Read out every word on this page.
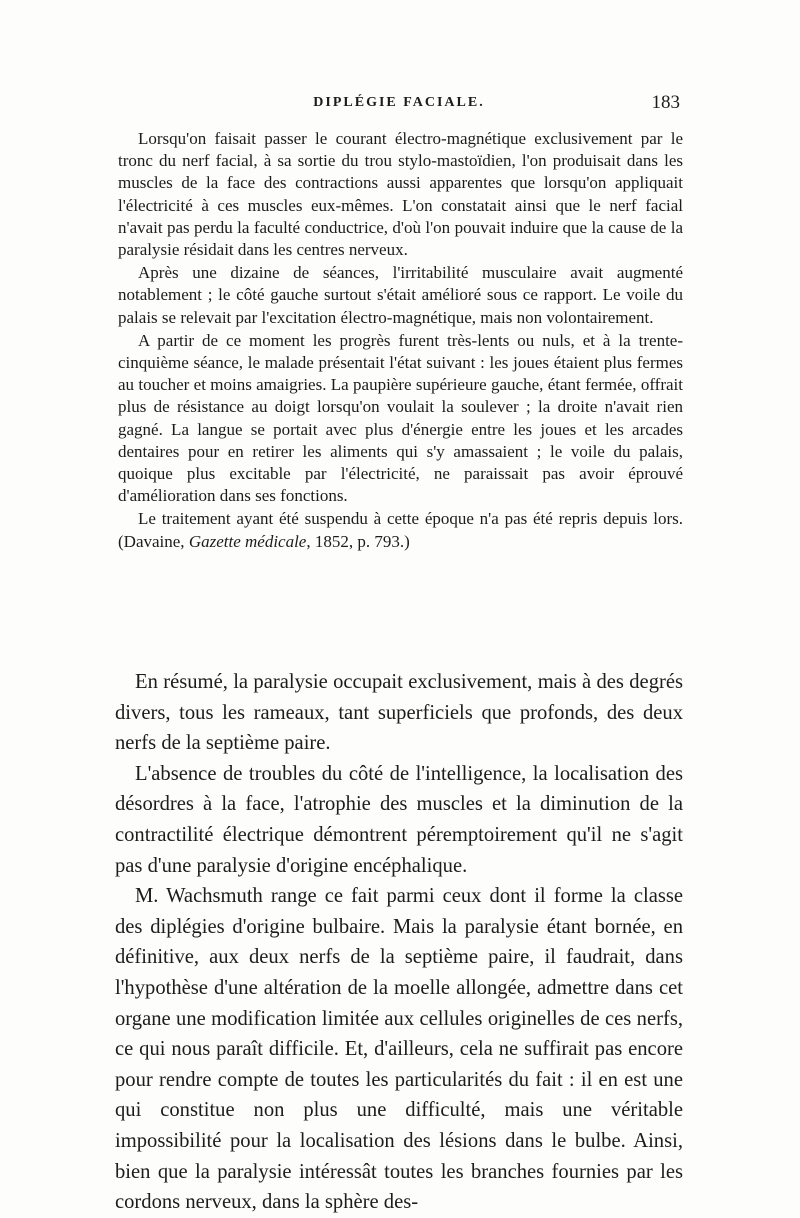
DIPLÉGIE FACIALE.	183

Lorsqu'on faisait passer le courant électro-magnétique exclusivement par le tronc du nerf facial, à sa sortie du trou stylo-mastoïdien, l'on produisait dans les muscles de la face des contractions aussi apparentes que lorsqu'on appliquait l'électricité à ces muscles eux-mêmes. L'on constatait ainsi que le nerf facial n'avait pas perdu la faculté conductrice, d'où l'on pouvait induire que la cause de la paralysie résidait dans les centres nerveux.

Après une dizaine de séances, l'irritabilité musculaire avait augmenté notablement ; le côté gauche surtout s'était amélioré sous ce rapport. Le voile du palais se relevait par l'excitation électro-magnétique, mais non volontairement.

A partir de ce moment les progrès furent très-lents ou nuls, et à la trente-cinquième séance, le malade présentait l'état suivant : les joues étaient plus fermes au toucher et moins amaigries. La paupière supérieure gauche, étant fermée, offrait plus de résistance au doigt lorsqu'on voulait la soulever ; la droite n'avait rien gagné. La langue se portait avec plus d'énergie entre les joues et les arcades dentaires pour en retirer les aliments qui s'y amassaient ; le voile du palais, quoique plus excitable par l'électricité, ne paraissait pas avoir éprouvé d'amélioration dans ses fonctions.

Le traitement ayant été suspendu à cette époque n'a pas été repris depuis lors. (Davaine, Gazette médicale, 1852, p. 793.)

En résumé, la paralysie occupait exclusivement, mais à des degrés divers, tous les rameaux, tant superficiels que profonds, des deux nerfs de la septième paire.

L'absence de troubles du côté de l'intelligence, la localisation des désordres à la face, l'atrophie des muscles et la diminution de la contractilité électrique démontrent péremptoirement qu'il ne s'agit pas d'une paralysie d'origine encéphalique.

M. Wachsmuth range ce fait parmi ceux dont il forme la classe des diplégies d'origine bulbaire. Mais la paralysie étant bornée, en définitive, aux deux nerfs de la septième paire, il faudrait, dans l'hypothèse d'une altération de la moelle allongée, admettre dans cet organe une modification limitée aux cellules originelles de ces nerfs, ce qui nous paraît difficile. Et, d'ailleurs, cela ne suffirait pas encore pour rendre compte de toutes les particularités du fait : il en est une qui constitue non plus une difficulté, mais une véritable impossibilité pour la localisation des lésions dans le bulbe. Ainsi, bien que la paralysie intéressât toutes les branches fournies par les cordons nerveux, dans la sphère des-
